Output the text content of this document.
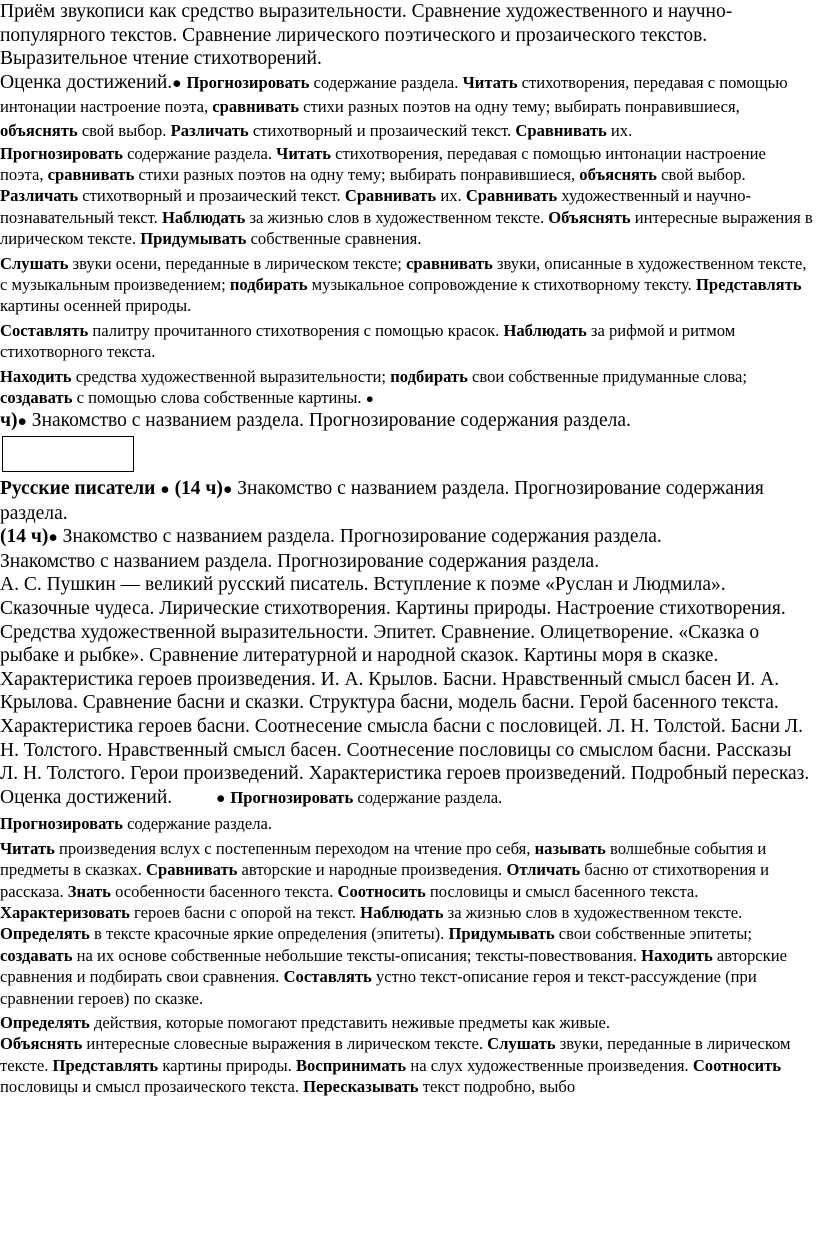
Приём звукописи как средство выразительности. Сравнение художественного и научно-популярного текстов. Сравнение лирического поэтического и прозаического текстов. Выразительное чтение стихотворений.

Оценка достижений.● Прогнозировать содержание раздела. Читать стихотворения, передавая с помощью интонации настроение поэта, сравнивать стихи разных поэтов на одну тему; выбирать понравившиеся, объяснять свой выбор. Различать стихотворный и прозаический текст. Сравнивать их.

Прогнозировать содержание раздела. Читать стихотворения, передавая с помощью интонации настроение поэта, сравнивать стихи разных поэтов на одну тему; выбирать понравившиеся, объяснять свой выбор. Различать стихотворный и прозаический текст. Сравнивать их. Сравнивать художественный и научно-познавательный текст. Наблюдать за жизнью слов в художественном тексте. Объяснять интересные выражения в лирическом тексте. Придумывать собственные сравнения.

Слушать звуки осени, переданные в лирическом тексте; сравнивать звуки, описанные в художественном тексте, с музыкальным произведением; подбирать музыкальное сопровождение к стихотворному тексту. Представлять картины осенней природы.

Составлять палитру прочитанного стихотворения с помощью красок. Наблюдать за рифмой и ритмом стихотворного текста.

Находить средства художественной выразительности; подбирать свои собственные придуманные слова; создавать с помощью слова собственные картины. ●

ч)● Знакомство с названием раздела. Прогнозирование содержания раздела.

Русские писатели ● (14 ч)● Знакомство с названием раздела. Прогнозирование содержания раздела.

(14 ч)● Знакомство с названием раздела. Прогнозирование содержания раздела.

Знакомство с названием раздела. Прогнозирование содержания раздела.

А. С. Пушкин — великий русский писатель. Вступление к поэме «Руслан и Людмила». Сказочные чудеса. Лирические стихотворения. Картины природы. Настроение стихотворения. Средства художественной выразительности. Эпитет. Сравнение. Олицетворение. «Сказка о рыбаке и рыбке». Сравнение литературной и народной сказок. Картины моря в сказке. Характеристика героев произведения. И. А. Крылов. Басни. Нравственный смысл басен И. А. Крылова. Сравнение басни и сказки. Структура басни, модель басни. Герой басенного текста. Характеристика героев басни. Соотнесение смысла басни с пословицей. Л. Н. Толстой. Басни Л. Н. Толстого. Нравственный смысл басен. Соотнесение пословицы со смыслом басни. Рассказы Л. Н. Толстого. Герои произведений. Характеристика героев произведений. Подробный пересказ.

Оценка достижений.	● Прогнозировать содержание раздела.

Прогнозировать содержание раздела.

Читать произведения вслух с постепенным переходом на чтение про себя, называть волшебные события и предметы в сказках. Сравнивать авторские и народные произведения. Отличать басню от стихотворения и рассказа. Знать особенности басенного текста. Соотносить пословицы и смысл басенного текста. Характеризовать героев басни с опорой на текст. Наблюдать за жизнью слов в художественном тексте. Определять в тексте красочные яркие определения (эпитеты). Придумывать свои собственные эпитеты; создавать на их основе собственные небольшие тексты-описания; тексты-повествования. Находить авторские сравнения и подбирать свои сравнения. Составлять устно текст-описание героя и текст-рассуждение (при сравнении героев) по сказке.

Определять действия, которые помогают представить неживые предметы как живые.

Объяснять интересные словесные выражения в лирическом тексте. Слушать звуки, переданные в лирическом тексте. Представлять картины природы. Воспринимать на слух художественные произведения. Соотносить пословицы и смысл прозаического текста. Пересказывать текст подробно, выбо
